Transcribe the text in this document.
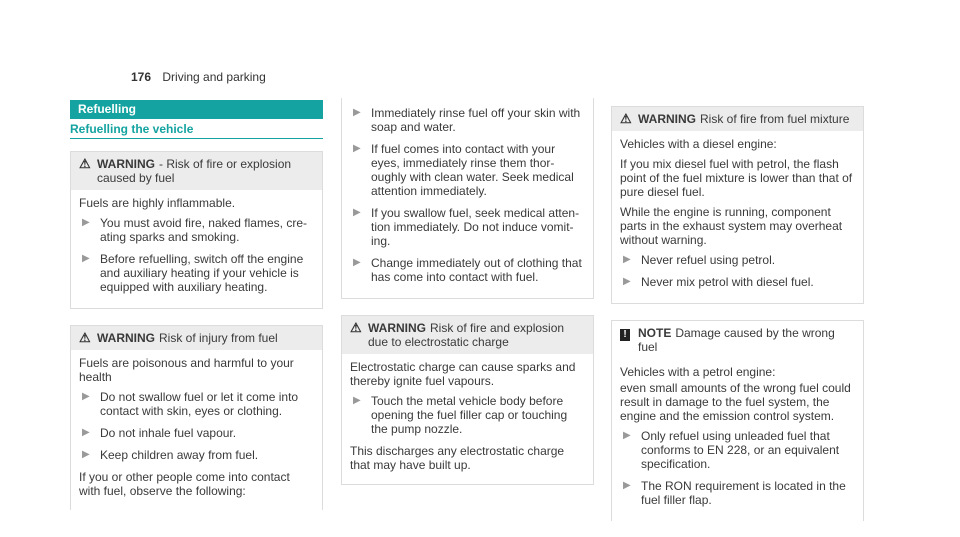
176 Driving and parking
Refuelling
Refuelling the vehicle
⚠ WARNING - Risk of fire or explosion caused by fuel

Fuels are highly inflammable.

▶ You must avoid fire, naked flames, creating sparks and smoking.
▶ Before refuelling, switch off the engine and auxiliary heating if your vehicle is equipped with auxiliary heating.
⚠ WARNING Risk of injury from fuel

Fuels are poisonous and harmful to your health

▶ Do not swallow fuel or let it come into contact with skin, eyes or clothing.
▶ Do not inhale fuel vapour.
▶ Keep children away from fuel.

If you or other people come into contact with fuel, observe the following:

▶ Immediately rinse fuel off your skin with soap and water.
▶ If fuel comes into contact with your eyes, immediately rinse them thoroughly with clean water. Seek medical attention immediately.
▶ If you swallow fuel, seek medical attention immediately. Do not induce vomiting.
▶ Change immediately out of clothing that has come into contact with fuel.
⚠ WARNING Risk of fire and explosion due to electrostatic charge

Electrostatic charge can cause sparks and thereby ignite fuel vapours.

▶ Touch the metal vehicle body before opening the fuel filler cap or touching the pump nozzle.

This discharges any electrostatic charge that may have built up.

⚠ WARNING Risk of fire from fuel mixture

Vehicles with a diesel engine:

If you mix diesel fuel with petrol, the flash point of the fuel mixture is lower than that of pure diesel fuel.

While the engine is running, component parts in the exhaust system may overheat without warning.

▶ Never refuel using petrol.
▶ Never mix petrol with diesel fuel.
! NOTE Damage caused by the wrong fuel

Vehicles with a petrol engine:

even small amounts of the wrong fuel could result in damage to the fuel system, the engine and the emission control system.

▶ Only refuel using unleaded fuel that conforms to EN 228, or an equivalent specification.
▶ The RON requirement is located in the fuel filler flap.
